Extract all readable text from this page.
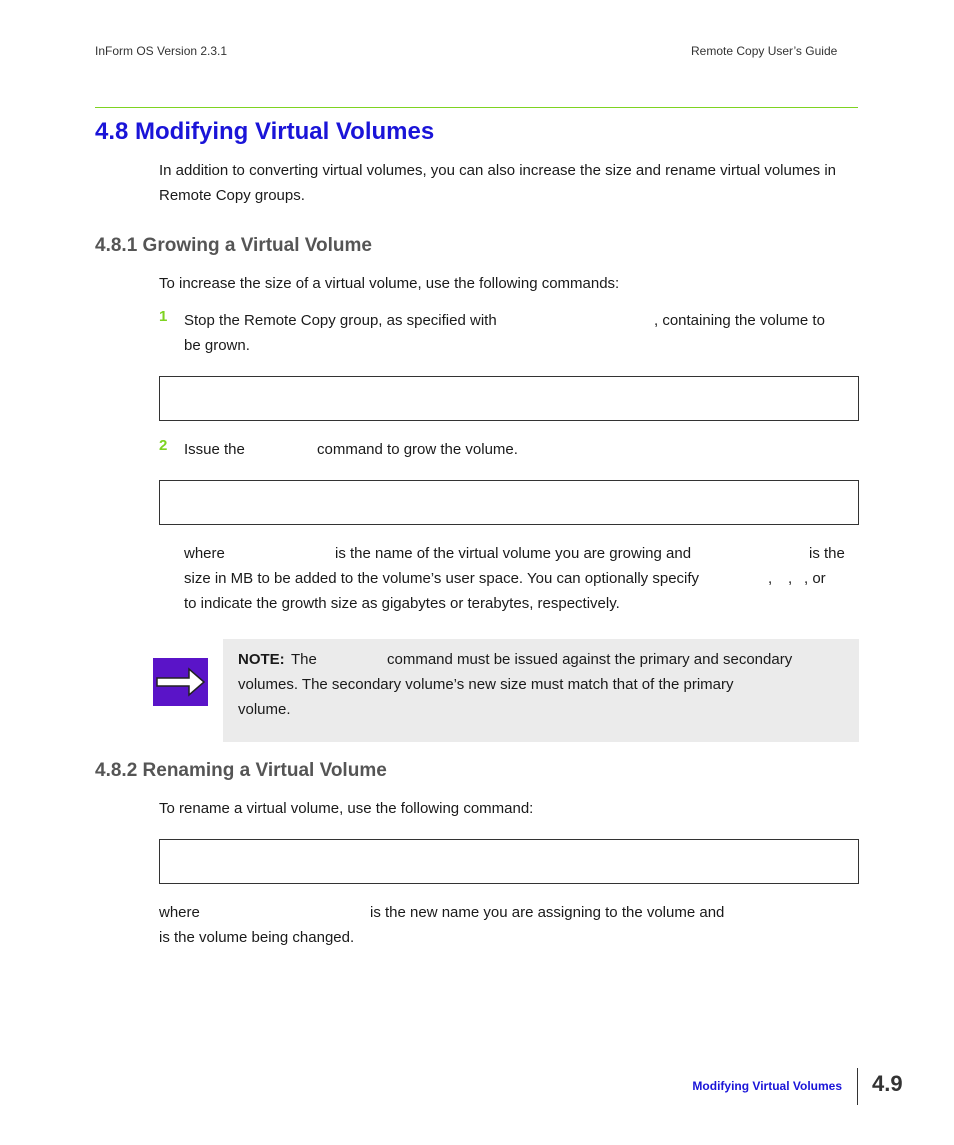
InForm OS Version 2.3.1	Remote Copy User’s Guide
4.8 Modifying Virtual Volumes
In addition to converting virtual volumes, you can also increase the size and rename virtual volumes in Remote Copy groups.
4.8.1 Growing a Virtual Volume
To increase the size of a virtual volume, use the following commands:
1 Stop the Remote Copy group, as specified with	, containing the volume to
be grown.
2 Issue the	command to grow the volume.
where	is the name of the virtual volume you are growing and	is the
size in MB to be added to the volume’s user space. You can optionally specify	, , , or
to indicate the growth size as gigabytes or terabytes, respectively.
NOTE: The	command must be issued against the primary and secondary
volumes. The secondary volume’s new size must match that of the primary
volume.
4.8.2 Renaming a Virtual Volume
To rename a virtual volume, use the following command:
where	is the new name you are assigning to the volume and
is the volume being changed.
Modifying Virtual Volumes 4.9
